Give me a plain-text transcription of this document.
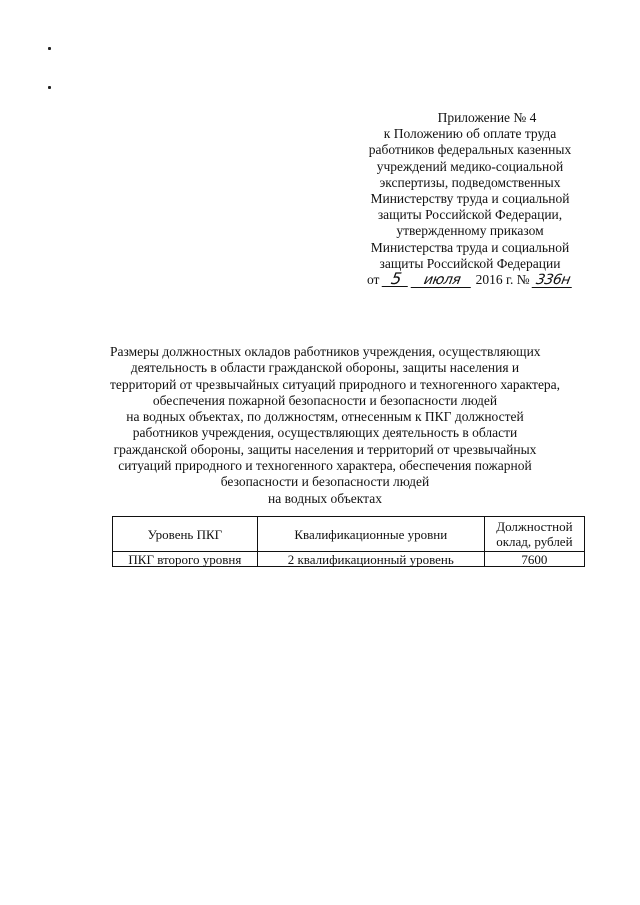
Приложение № 4
к Положению об оплате труда
работников федеральных казенных
учреждений медико-социальной
экспертизы, подведомственных
Министерству труда и социальной
защиты Российской Федерации,
утвержденному приказом
Министерства труда и социальной
защиты Российской Федерации
от 5 июля 2016 г. № 336н
Размеры должностных окладов работников учреждения, осуществляющих
деятельность в области гражданской обороны, защиты населения и
территорий от чрезвычайных ситуаций природного и техногенного характера,
обеспечения пожарной безопасности и безопасности людей
на водных объектах, по должностям, отнесенным к ПКГ должностей
работников учреждения, осуществляющих деятельность в области
гражданской обороны, защиты населения и территорий от чрезвычайных
ситуаций природного и техногенного характера, обеспечения пожарной
безопасности и безопасности людей
на водных объектах
Уровень ПКГ	Квалификационные уровни	Должностной
оклад, рублей
ПКГ второго уровня	2 квалификационный уровень	7600
